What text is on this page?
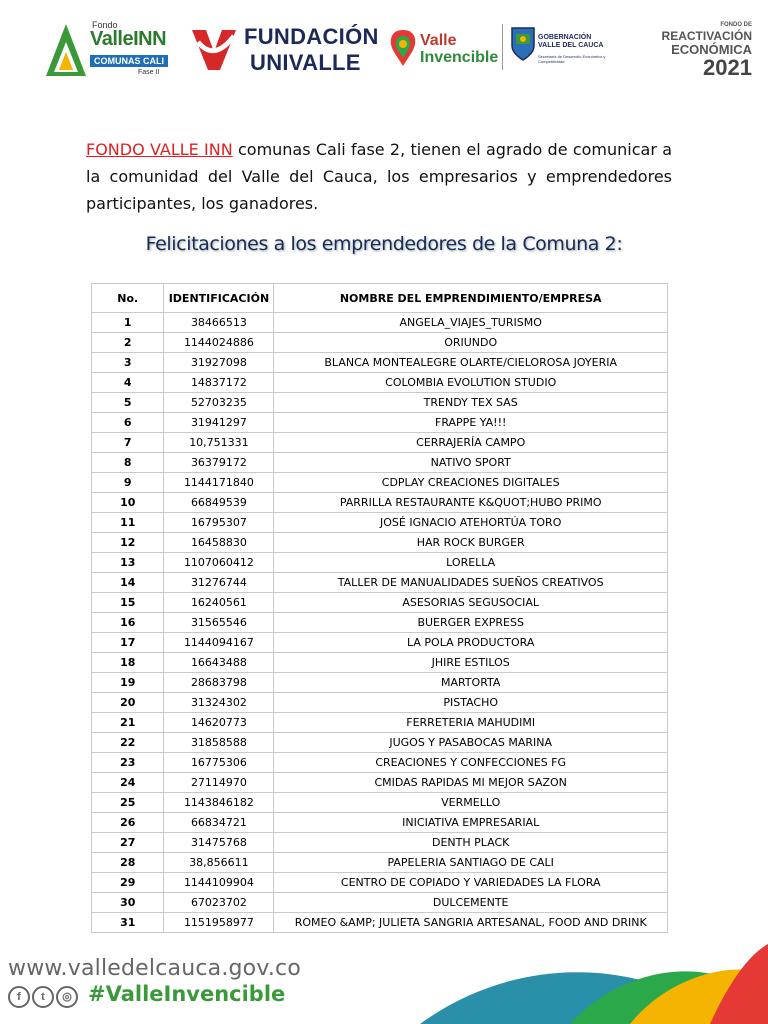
Fondo
ValleINN
COMUNAS CALI
Fase II
FUNDACIÓN
UNIVALLE
Valle
Invencible
GOBERNACIÓN
VALLE DEL CAUCA
Secretaría de Desarrollo Económico y Competitividad
FONDO DE
REACTIVACIÓN
ECONÓMICA
2021

FONDO VALLE INN comunas Cali fase 2, tienen el agrado de comunicar a la comunidad del Valle del Cauca, los empresarios y emprendedores participantes, los ganadores.

Felicitaciones a los emprendedores de la Comuna 2:
No.	IDENTIFICACIÓN	NOMBRE DEL EMPRENDIMIENTO/EMPRESA
1	38466513	ANGELA_VIAJES_TURISMO
2	1144024886	ORIUNDO
3	31927098	BLANCA MONTEALEGRE OLARTE/CIELOROSA JOYERIA
4	14837172	COLOMBIA EVOLUTION STUDIO
5	52703235	TRENDY TEX SAS
6	31941297	FRAPPE YA!!!
7	10,751331	CERRAJERÍA CAMPO
8	36379172	NATIVO SPORT
9	1144171840	CDPLAY CREACIONES DIGITALES
10	66849539	PARRILLA RESTAURANTE K&QUOT;HUBO PRIMO
11	16795307	JOSÉ IGNACIO ATEHORTÚA TORO
12	16458830	HAR ROCK BURGER
13	1107060412	LORELLA
14	31276744	TALLER DE MANUALIDADES SUEÑOS CREATIVOS
15	16240561	ASESORIAS SEGUSOCIAL
16	31565546	BUERGER EXPRESS
17	1144094167	LA POLA PRODUCTORA
18	16643488	JHIRE ESTILOS
19	28683798	MARTORTA
20	31324302	PISTACHO
21	14620773	FERRETERIA MAHUDIMI
22	31858588	JUGOS Y PASABOCAS MARINA
23	16775306	CREACIONES Y CONFECCIONES FG
24	27114970	CMIDAS RAPIDAS MI MEJOR SAZON
25	1143846182	VERMELLO
26	66834721	INICIATIVA EMPRESARIAL
27	31475768	DENTH PLACK
28	38,856611	PAPELERIA SANTIAGO DE CALI
29	1144109904	CENTRO DE COPIADO Y VARIEDADES LA FLORA
30	67023702	DULCEMENTE
31	1151958977	ROMEO &AMP; JULIETA SANGRIA ARTESANAL, FOOD AND DRINK
www.valledelcauca.gov.co
f t ◎ #ValleInvencible
